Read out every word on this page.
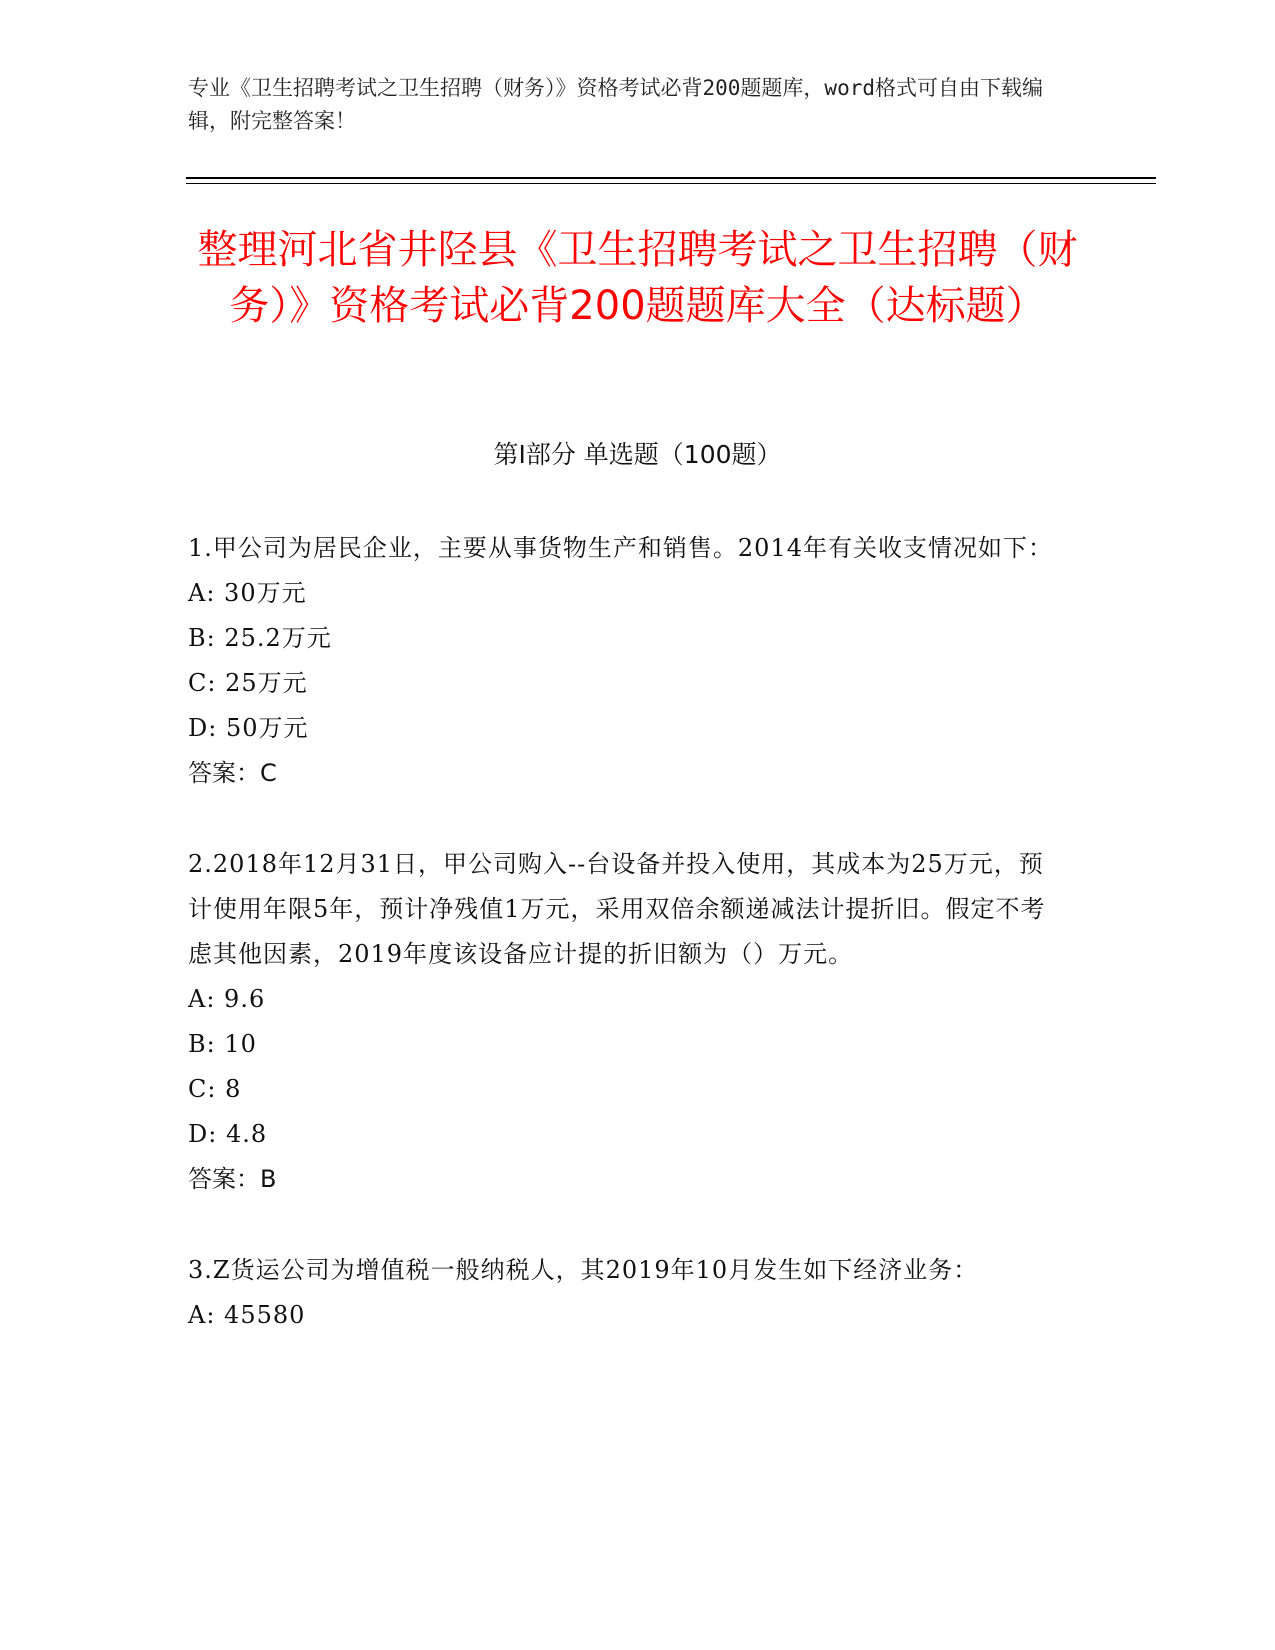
专业《卫生招聘考试之卫生招聘（财务）》资格考试必背200题题库，word格式可自由下载编辑，附完整答案！
整理河北省井陉县《卫生招聘考试之卫生招聘（财务）》资格考试必背200题题库大全（达标题）
第I部分 单选题（100题）
1.甲公司为居民企业，主要从事货物生产和销售。2014年有关收支情况如下：
A: 30万元
B: 25.2万元
C: 25万元
D: 50万元
答案：C
2.2018年12月31日，甲公司购入--台设备并投入使用，其成本为25万元，预计使用年限5年，预计净残值1万元，采用双倍余额递减法计提折旧。假定不考虑其他因素，2019年度该设备应计提的折旧额为（）万元。
A: 9.6
B: 10
C: 8
D: 4.8
答案：B
3.Z货运公司为增值税一般纳税人，其2019年10月发生如下经济业务：
A: 45580
